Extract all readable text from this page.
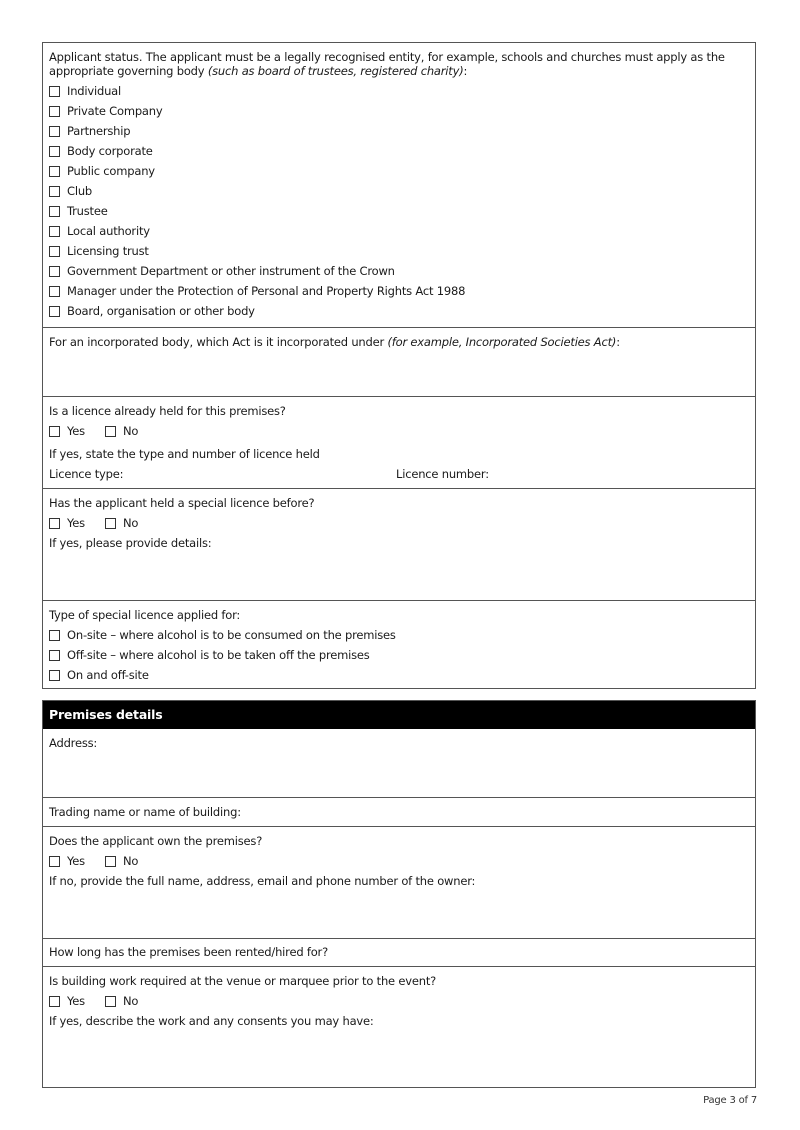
Applicant status. The applicant must be a legally recognised entity, for example, schools and churches must apply as the appropriate governing body (such as board of trustees, registered charity):
Individual
Private Company
Partnership
Body corporate
Public company
Club
Trustee
Local authority
Licensing trust
Government Department or other instrument of the Crown
Manager under the Protection of Personal and Property Rights Act 1988
Board, organisation or other body
For an incorporated body, which Act is it incorporated under
(for example, Incorporated Societies Act) :
Is a licence already held for this premises?
Yes	No
If yes, state the type and number of licence held
Licence type:	Licence number:
Has the applicant held a special licence before?
Yes	No
If yes, please provide details:
Type of special licence applied for:
On-site – where alcohol is to be consumed on the premises
Off-site – where alcohol is to be taken off the premises
On and off-site
Premises details
Address:
Trading name or name of building:
Does the applicant own the premises?
Yes	No
If no, provide the full name, address, email and phone number of the owner:
How long has the premises been rented/hired for?
Is building work required at the venue or marquee prior to the event?
Yes	No
If yes, describe the work and any consents you may have:
Page 3 of 7
